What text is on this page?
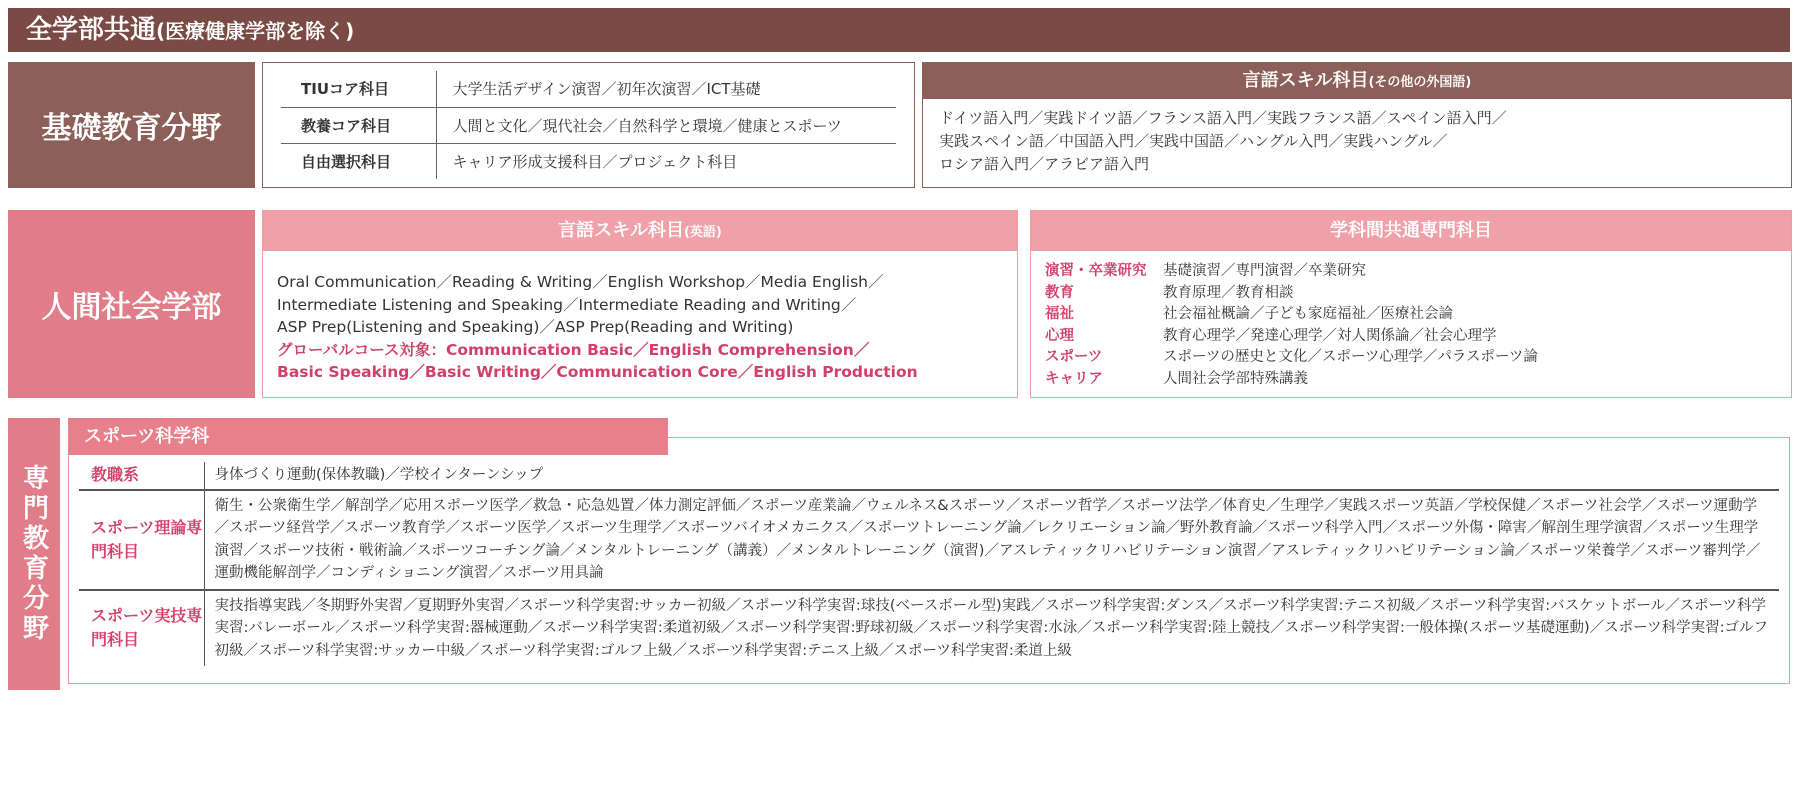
全学部共通(医療健康学部を除く)
基礎教育分野
TIUコア科目	大学生活デザイン演習／初年次演習／ICT基礎
教養コア科目	人間と文化／現代社会／自然科学と環境／健康とスポーツ
自由選択科目	キャリア形成支援科目／プロジェクト科目
言語スキル科目(その他の外国語)
ドイツ語入門／実践ドイツ語／フランス語入門／実践フランス語／スペイン語入門／
実践スペイン語／中国語入門／実践中国語／ハングル入門／実践ハングル／
ロシア語入門／アラビア語入門
人間社会学部
言語スキル科目(英語)
Oral Communication／Reading & Writing／English Workshop／Media English／
Intermediate Listening and Speaking／Intermediate Reading and Writing／
ASP Prep(Listening and Speaking)／ASP Prep(Reading and Writing)
グローバルコース対象：Communication Basic／English Comprehension／
Basic Speaking／Basic Writing／Communication Core／English Production
学科間共通専門科目
演習・卒業研究	基礎演習／専門演習／卒業研究
教育	教育原理／教育相談
福祉	社会福祉概論／子ども家庭福祉／医療社会論
心理	教育心理学／発達心理学／対人関係論／社会心理学
スポーツ	スポーツの歴史と文化／スポーツ心理学／パラスポーツ論
キャリア	人間社会学部特殊講義
専門教育分野	教職系	身体づくり運動(保体教職)／学校インターンシップ
スポーツ理論専門科目	衛生・公衆衛生学／解剖学／応用スポーツ医学／救急・応急処置／体力測定評価／スポーツ産業論／ウェルネス&スポーツ／スポーツ哲学／スポーツ法学／体育史／生理学／実践スポーツ英語／学校保健／スポーツ社会学／スポーツ運動学／スポーツ経営学／スポーツ教育学／スポーツ医学／スポーツ生理学／スポーツバイオメカニクス／スポーツトレーニング論／レクリエーション論／野外教育論／スポーツ科学入門／スポーツ外傷・障害／解剖生理学演習／スポーツ生理学演習／スポーツ技術・戦術論／スポーツコーチング論／メンタルトレーニング（講義）／メンタルトレーニング（演習)／アスレティックリハビリテーション演習／アスレティックリハビリテーション論／スポーツ栄養学／スポーツ審判学／運動機能解剖学／コンディショニング演習／スポーツ用具論
スポーツ実技専門科目	実技指導実践／冬期野外実習／夏期野外実習／スポーツ科学実習:サッカー初級／スポーツ科学実習:球技(ベースボール型)実践／スポーツ科学実習:ダンス／スポーツ科学実習:テニス初級／スポーツ科学実習:バスケットボール／スポーツ科学実習:バレーボール／スポーツ科学実習:器械運動／スポーツ科学実習:柔道初級／スポーツ科学実習:野球初級／スポーツ科学実習:水泳／スポーツ科学実習:陸上競技／スポーツ科学実習:一般体操(スポーツ基礎運動)／スポーツ科学実習:ゴルフ初級／スポーツ科学実習:サッカー中級／スポーツ科学実習:ゴルフ上級／スポーツ科学実習:テニス上級／スポーツ科学実習:柔道上級
スポーツ科学科
